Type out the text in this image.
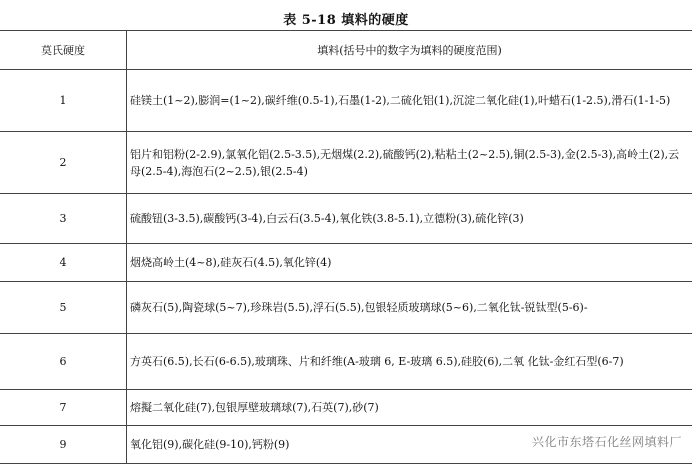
表 5-18 填料的硬度
莫氏硬度	填料(括号中的数字为填料的硬度范围)
1	硅镁土(1~2),膨润=(1~2),碳纤维(0.5-1),石墨(1-2),二硫化铝(1),沉淀二氧化硅(1),叶蜡石(1-2.5),滑石(1-1-5)
2	铝片和铝粉(2-2.9),氯氧化铝(2.5-3.5),无烟煤(2.2),硫酸钙(2),粘粘土(2~2.5),铜(2.5-3),金(2.5-3),高岭土(2),云母(2.5-4),海泡石(2~2.5),银(2.5-4)
3	硫酸钮(3-3.5),碳酸钙(3-4),白云石(3.5-4),氧化铁(3.8-5.1),立德粉(3),硫化锌(3)
4	烟烧高岭土(4~8),硅灰石(4.5),氧化锌(4)
5	磷灰石(5),陶瓷球(5~7),珍珠岩(5.5),浮石(5.5),包银轻质玻璃球(5~6),二氧化钛-锐钛型(5-6)-
6	方英石(6.5),长石(6-6.5),玻璃珠、片和纤维(A-玻璃 6, E-玻璃 6.5),硅胶(6),二氧 化钛-金红石型(6-7)
7	熔擬二氧化硅(7),包银厚壁玻璃球(7),石英(7),砂(7)
9	氧化铝(9),碳化硅(9-10),钙粉(9)	兴化市东塔石化丝网填料厂
